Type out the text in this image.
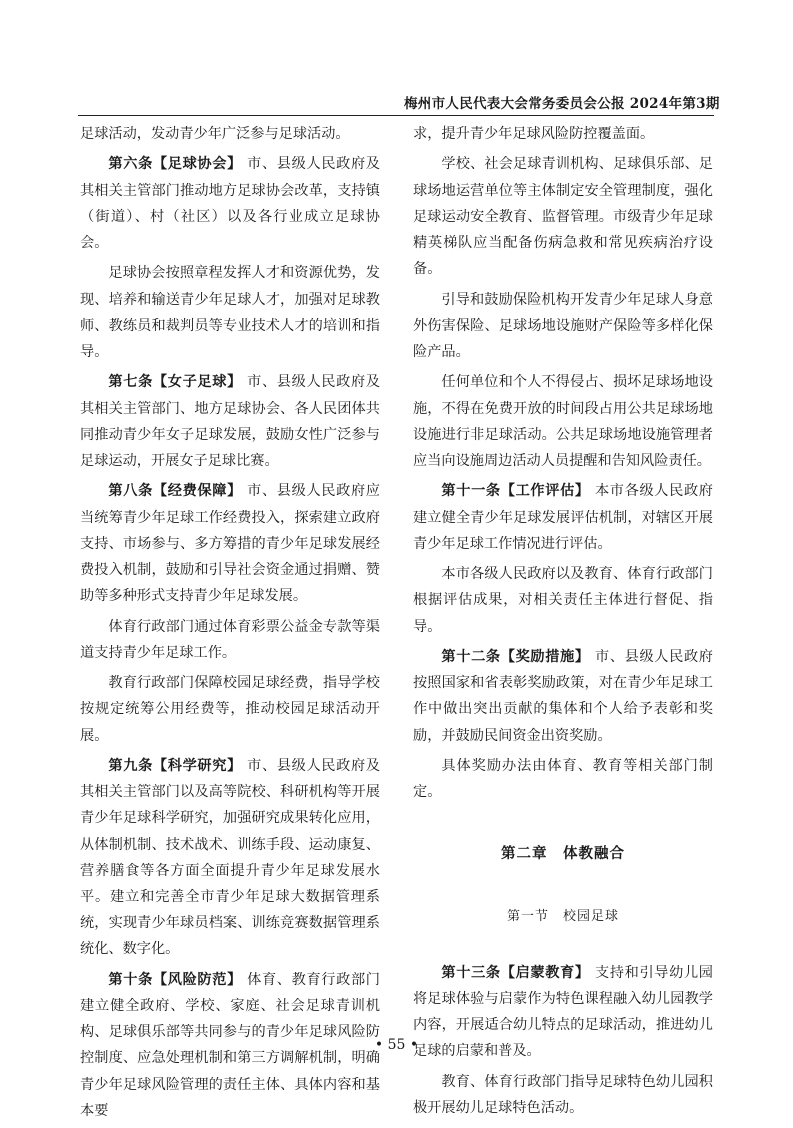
梅州市人民代表大会常务委员会公报 2024年第3期

足球活动，发动青少年广泛参与足球活动。

第六条【足球协会】 市、县级人民政府及其相关主管部门推动地方足球协会改革，支持镇（街道）、村（社区）以及各行业成立足球协会。

足球协会按照章程发挥人才和资源优势，发现、培养和输送青少年足球人才，加强对足球教师、教练员和裁判员等专业技术人才的培训和指导。

第七条【女子足球】 市、县级人民政府及其相关主管部门、地方足球协会、各人民团体共同推动青少年女子足球发展，鼓励女性广泛参与足球运动，开展女子足球比赛。

第八条【经费保障】 市、县级人民政府应当统筹青少年足球工作经费投入，探索建立政府支持、市场参与、多方筹措的青少年足球发展经费投入机制，鼓励和引导社会资金通过捐赠、赞助等多种形式支持青少年足球发展。

体育行政部门通过体育彩票公益金专款等渠道支持青少年足球工作。

教育行政部门保障校园足球经费，指导学校按规定统筹公用经费等，推动校园足球活动开展。

第九条【科学研究】 市、县级人民政府及其相关主管部门以及高等院校、科研机构等开展青少年足球科学研究，加强研究成果转化应用，从体制机制、技术战术、训练手段、运动康复、营养膳食等各方面全面提升青少年足球发展水平。建立和完善全市青少年足球大数据管理系统，实现青少年球员档案、训练竞赛数据管理系统化、数字化。

第十条【风险防范】 体育、教育行政部门建立健全政府、学校、家庭、社会足球青训机构、足球俱乐部等共同参与的青少年足球风险防控制度、应急处理机制和第三方调解机制，明确青少年足球风险管理的责任主体、具体内容和基本要

求，提升青少年足球风险防控覆盖面。

学校、社会足球青训机构、足球俱乐部、足球场地运营单位等主体制定安全管理制度，强化足球运动安全教育、监督管理。市级青少年足球精英梯队应当配备伤病急救和常见疾病治疗设备。

引导和鼓励保险机构开发青少年足球人身意外伤害保险、足球场地设施财产保险等多样化保险产品。

任何单位和个人不得侵占、损坏足球场地设施，不得在免费开放的时间段占用公共足球场地设施进行非足球活动。公共足球场地设施管理者应当向设施周边活动人员提醒和告知风险责任。

第十一条【工作评估】 本市各级人民政府建立健全青少年足球发展评估机制，对辖区开展青少年足球工作情况进行评估。

本市各级人民政府以及教育、体育行政部门根据评估成果，对相关责任主体进行督促、指导。

第十二条【奖励措施】 市、县级人民政府按照国家和省表彰奖励政策，对在青少年足球工作中做出突出贡献的集体和个人给予表彰和奖励，并鼓励民间资金出资奖励。

具体奖励办法由体育、教育等相关部门制定。

第二章　体教融合
第一节　校园足球

第十三条【启蒙教育】 支持和引导幼儿园将足球体验与启蒙作为特色课程融入幼儿园教学内容，开展适合幼儿特点的足球活动，推进幼儿足球的启蒙和普及。

教育、体育行政部门指导足球特色幼儿园积极开展幼儿足球特色活动。

• 55 •
